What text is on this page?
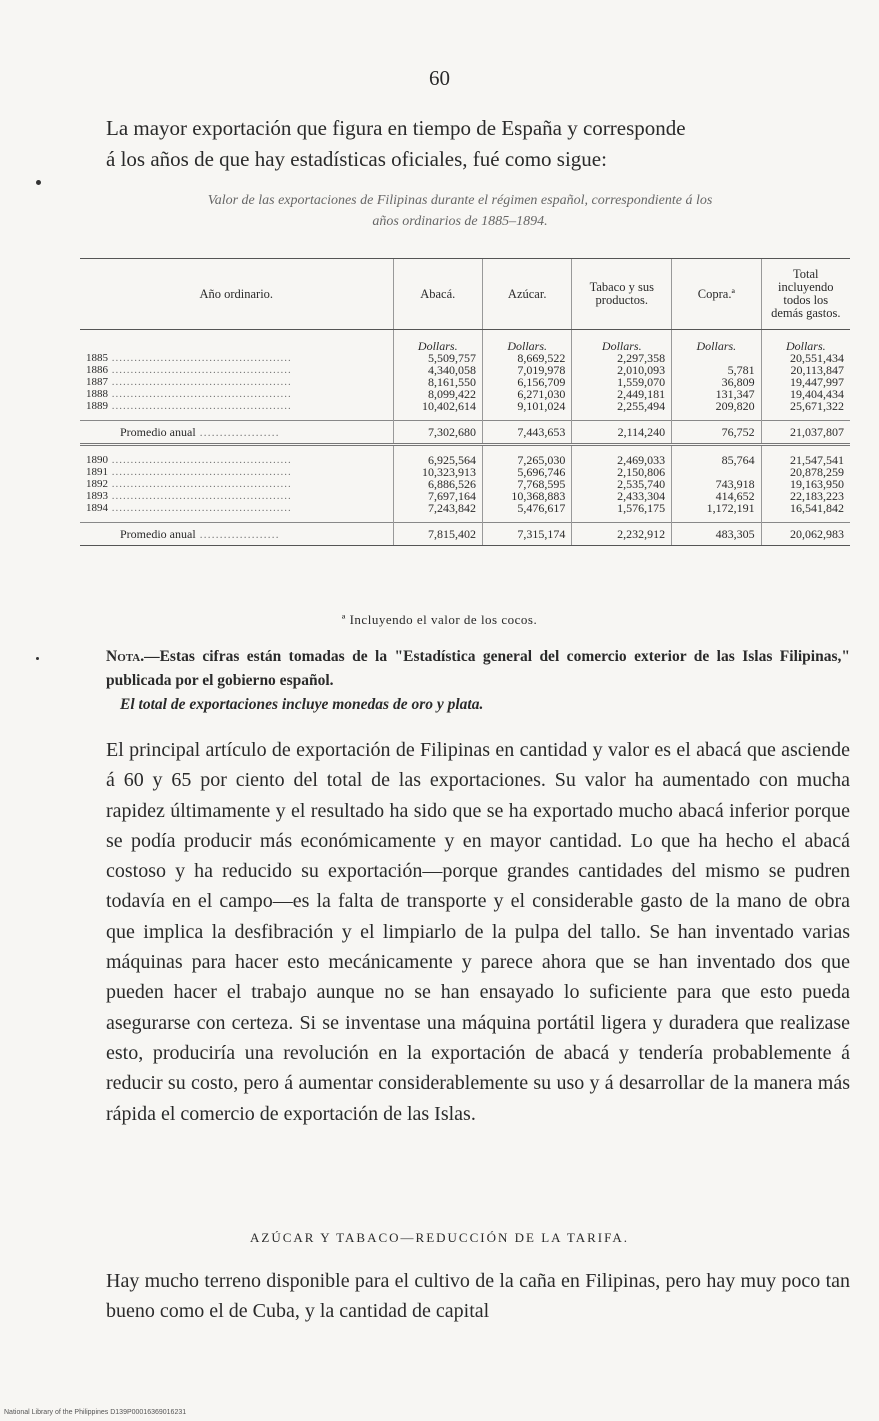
60
La mayor exportación que figura en tiempo de España y corresponde
á los años de que hay estadísticas oficiales, fué como sigue:
Valor de las exportaciones de Filipinas durante el régimen español, correspondiente á los
años ordinarios de 1885–1894.
Año ordinario.	Abacá.	Azúcar.	Tabaco y sus productos.	Copra.ª	Total incluyendo todos los demás gastos.
	Dollars.	Dollars.	Dollars.	Dollars.	Dollars.
1885 ................................................	5,509,757	8,669,522	2,297,358		20,551,434
1886 ................................................	4,340,058	7,019,978	2,010,093	5,781	20,113,847
1887 ................................................	8,161,550	6,156,709	1,559,070	36,809	19,447,997
1888 ................................................	8,099,422	6,271,030	2,449,181	131,347	19,404,434
1889 ................................................	10,402,614	9,101,024	2,255,494	209,820	25,671,322

Promedio anual ....................	7,302,680	7,443,653	2,114,240	76,752	21,037,807

1890 ................................................	6,925,564	7,265,030	2,469,033	85,764	21,547,541
1891 ................................................	10,323,913	5,696,746	2,150,806		20,878,259
1892 ................................................	6,886,526	7,768,595	2,535,740	743,918	19,163,950
1893 ................................................	7,697,164	10,368,883	2,433,304	414,652	22,183,223
1894 ................................................	7,243,842	5,476,617	1,576,175	1,172,191	16,541,842

Promedio anual ....................	7,815,402	7,315,174	2,232,912	483,305	20,062,983
ª Incluyendo el valor de los cocos.
Nota.—Estas cifras están tomadas de la "Estadística general del comercio exterior de las Islas Filipinas," publicada por el gobierno español.
El total de exportaciones incluye monedas de oro y plata.
El principal artículo de exportación de Filipinas en cantidad y valor es el abacá que asciende á 60 y 65 por ciento del total de las exportaciones. Su valor ha aumentado con mucha rapidez últimamente y el resultado ha sido que se ha exportado mucho abacá inferior porque se podía producir más económicamente y en mayor cantidad. Lo que ha hecho el abacá costoso y ha reducido su exportación—porque grandes cantidades del mismo se pudren todavía en el campo—es la falta de transporte y el considerable gasto de la mano de obra que implica la desfibración y el limpiarlo de la pulpa del tallo. Se han inventado varias máquinas para hacer esto mecánicamente y parece ahora que se han inventado dos que pueden hacer el trabajo aunque no se han ensayado lo suficiente para que esto pueda asegurarse con certeza. Si se inventase una máquina portátil ligera y duradera que realizase esto, produciría una revolución en la exportación de abacá y tendería probablemente á reducir su costo, pero á aumentar considerablemente su uso y á desarrollar de la manera más rápida el comercio de exportación de las Islas.
AZÚCAR Y TABACO—REDUCCIÓN DE LA TARIFA.
Hay mucho terreno disponible para el cultivo de la caña en Filipinas, pero hay muy poco tan bueno como el de Cuba, y la cantidad de capital
National Library of the Philippines D139P00016369016231
